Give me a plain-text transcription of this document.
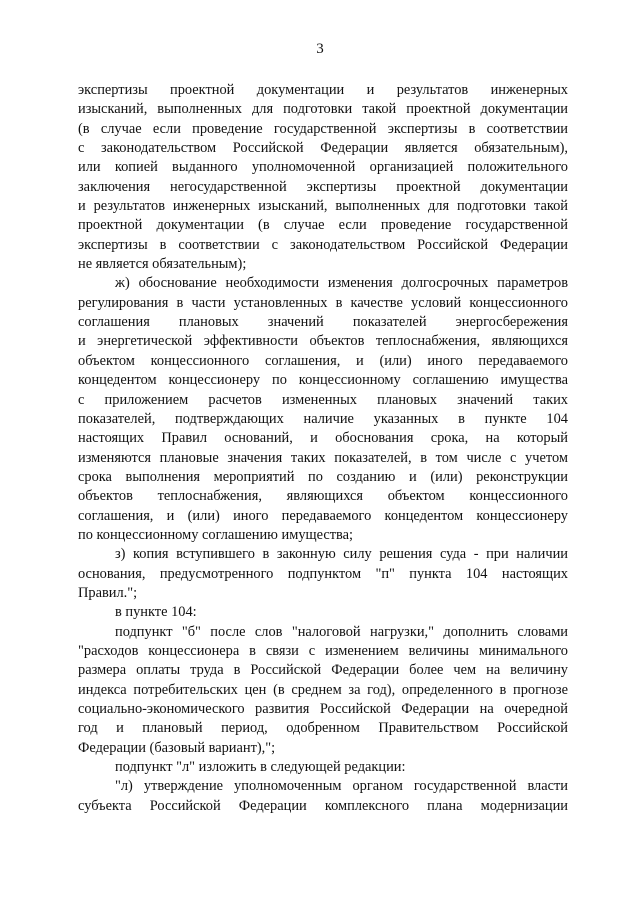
3
экспертизы проектной документации и результатов инженерных
изысканий, выполненных для подготовки такой проектной документации
(в случае если проведение государственной экспертизы в соответствии
с законодательством Российской Федерации является обязательным),
или копией выданного уполномоченной организацией положительного
заключения негосударственной экспертизы проектной документации
и результатов инженерных изысканий, выполненных для подготовки такой
проектной документации (в случае если проведение государственной
экспертизы в соответствии с законодательством Российской Федерации
не является обязательным);
ж) обоснование необходимости изменения долгосрочных параметров
регулирования в части установленных в качестве условий концессионного
соглашения плановых значений показателей энергосбережения
и энергетической эффективности объектов теплоснабжения, являющихся
объектом концессионного соглашения, и (или) иного передаваемого
концедентом концессионеру по концессионному соглашению имущества
с приложением расчетов измененных плановых значений таких
показателей, подтверждающих наличие указанных в пункте 104
настоящих Правил оснований, и обоснования срока, на который
изменяются плановые значения таких показателей, в том числе с учетом
срока выполнения мероприятий по созданию и (или) реконструкции
объектов теплоснабжения, являющихся объектом концессионного
соглашения, и (или) иного передаваемого концедентом концессионеру
по концессионному соглашению имущества;
з) копия вступившего в законную силу решения суда - при наличии
основания, предусмотренного подпунктом "п" пункта 104 настоящих
Правил.";
в пункте 104:
подпункт "б" после слов "налоговой нагрузки," дополнить словами
"расходов концессионера в связи с изменением величины минимального
размера оплаты труда в Российской Федерации более чем на величину
индекса потребительских цен (в среднем за год), определенного в прогнозе
социально-экономического развития Российской Федерации на очередной
год и плановый период, одобренном Правительством Российской
Федерации (базовый вариант),";
подпункт "л" изложить в следующей редакции:
"л) утверждение уполномоченным органом государственной власти
субъекта Российской Федерации комплексного плана модернизации
